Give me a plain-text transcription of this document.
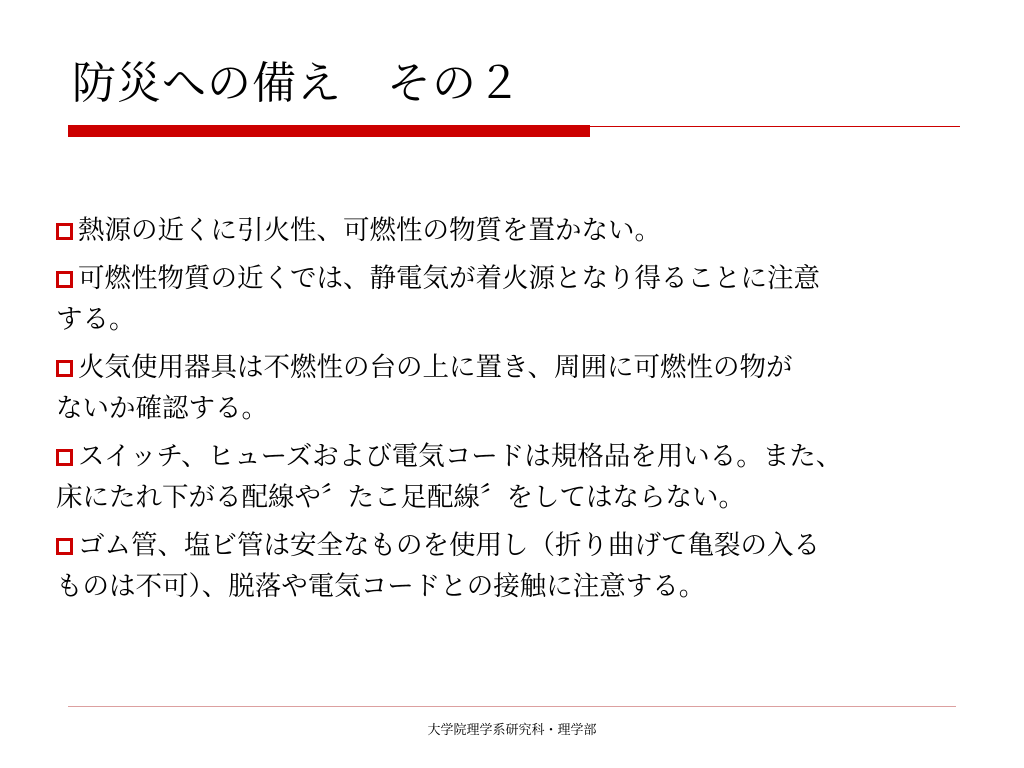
防災への備え　その２
熱源の近くに引火性、可燃性の物質を置かない。
可燃性物質の近くでは、静電気が着火源となり得ることに注意
する。
火気使用器具は不燃性の台の上に置き、周囲に可燃性の物が
ないか確認する。
スイッチ、ヒューズおよび電気コードは規格品を用いる。また、
床にたれ下がる配線や〞たこ足配線〞をしてはならない。
ゴム管、塩ビ管は安全なものを使用し（折り曲げて亀裂の入る
ものは不可）、脱落や電気コードとの接触に注意する。
大学院理学系研究科・理学部
